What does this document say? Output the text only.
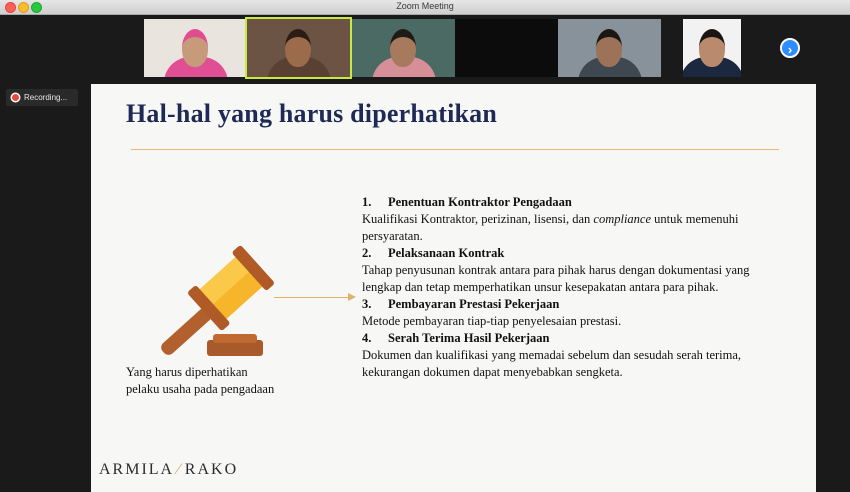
Zoom Meeting
›
Recording...
Hal-hal yang harus diperhatikan
Yang harus diperhatikan pelaku usaha pada pengadaan
1. Penentuan Kontraktor Pengadaan
Kualifikasi Kontraktor, perizinan, lisensi, dan compliance untuk memenuhi persyaratan.
2. Pelaksanaan Kontrak
Tahap penyusunan kontrak antara para pihak harus dengan dokumentasi yang lengkap dan tetap memperhatikan unsur kesepakatan antara para pihak.
3. Pembayaran Prestasi Pekerjaan
Metode pembayaran tiap-tiap penyelesaian prestasi.
4. Serah Terima Hasil Pekerjaan
Dokumen dan kualifikasi yang memadai sebelum dan sesudah serah terima, kekurangan dokumen dapat menyebabkan sengketa.
ARMILA ⁄ RAKO
